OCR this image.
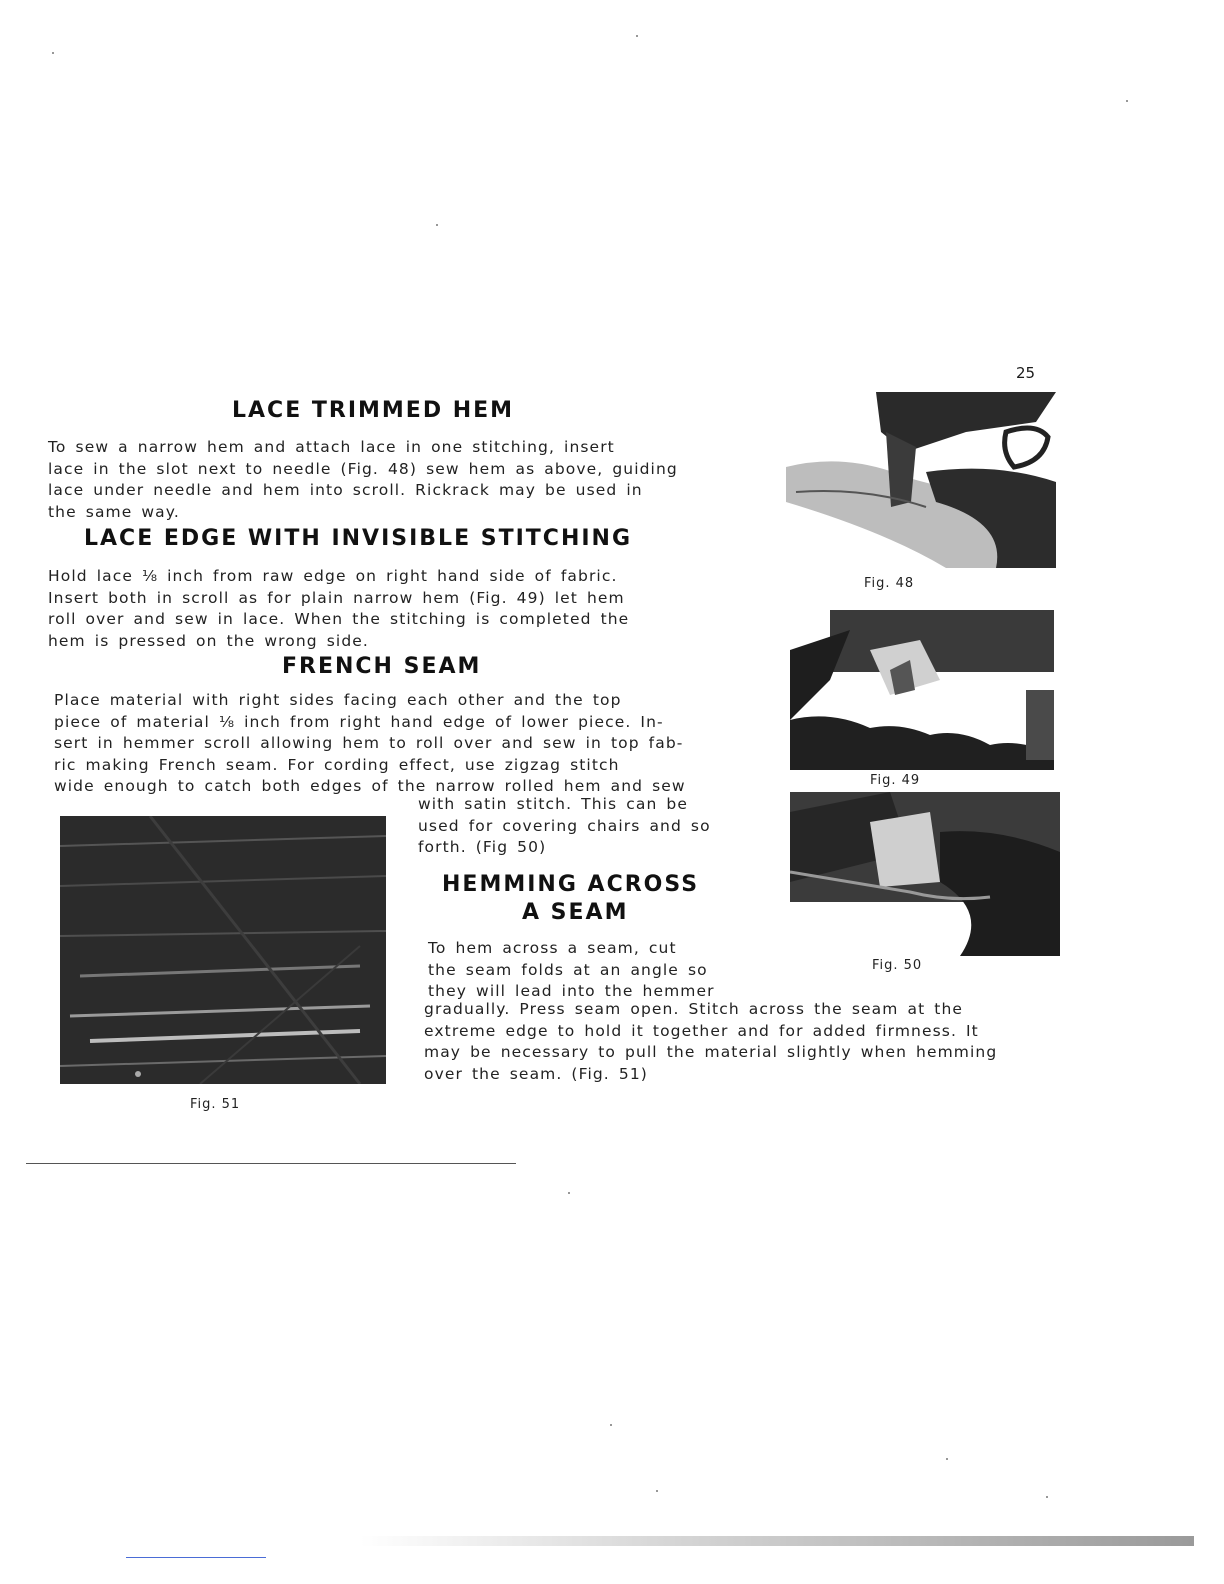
25
LACE TRIMMED HEM
To sew a narrow hem and attach lace in one stitching, insert
lace in the slot next to needle (Fig. 48) sew hem as above, guiding
lace under needle and hem into scroll. Rickrack may be used in
the same way.
LACE EDGE WITH INVISIBLE STITCHING
Hold lace ⅛ inch from raw edge on right hand side of fabric.
Insert both in scroll as for plain narrow hem (Fig. 49) let hem
roll over and sew in lace. When the stitching is completed the
hem is pressed on the wrong side.
FRENCH SEAM
Place material with right sides facing each other and the top
piece of material ⅛ inch from right hand edge of lower piece. In-
sert in hemmer scroll allowing hem to roll over and sew in top fab-
ric making French seam. For cording effect, use zigzag stitch
wide enough to catch both edges of the narrow rolled hem and sew
with satin stitch. This can be
used for covering chairs and so
forth. (Fig 50)
HEMMING ACROSS
A SEAM
To hem across a seam, cut
the seam folds at an angle so
they will lead into the hemmer
gradually. Press seam open. Stitch across the seam at the
extreme edge to hold it together and for added firmness. It
may be necessary to pull the material slightly when hemming
over the seam. (Fig. 51)
Fig. 48
Fig. 49
Fig. 50
Fig. 51
